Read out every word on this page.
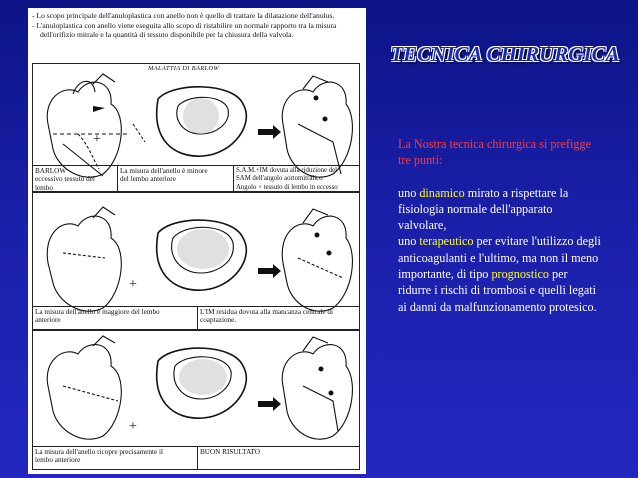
- Lo scopo principale dell'anuloplastica con anello non è quello di trattare la dilatazione dell'anulus.
- L'anuloplastica con anello viene eseguita allo scopo di ristabilire un normale rapporto tra la misura dell'orifizio mitrale e la quantità di tessuto disponibile per la chiusura della valvola.
+
BARLOW
eccessivo tessuto del
lembo
La misura dell'anello è minore
del lembo anteriore
S.A.M.+IM dovuta alla riduzione del
SAM dell'angolo aortomitralico
Angolo + tessuto di lembo in eccesso
MALATTIA DI BARLOW
+
La misura dell'anello è maggiore del lembo
anteriore
L'IM residua dovuta alla mancanza centrale di
coaptazione.
+
La misura dell'anello ricopre precisamente il
lembo anteriore
BUON RISULTATO
TECNICA CHIRURGICA

La Nostra tecnica chirurgica si prefigge tre punti:

uno dinamico mirato a rispettare la fisiologia normale dell'apparato valvolare,
uno terapeutico per evitare l'utilizzo degli anticoagulanti e l'ultimo, ma non il meno importante, di tipo prognostico per ridurre i rischi di trombosi e quelli legati ai danni da malfunzionamento protesico.
